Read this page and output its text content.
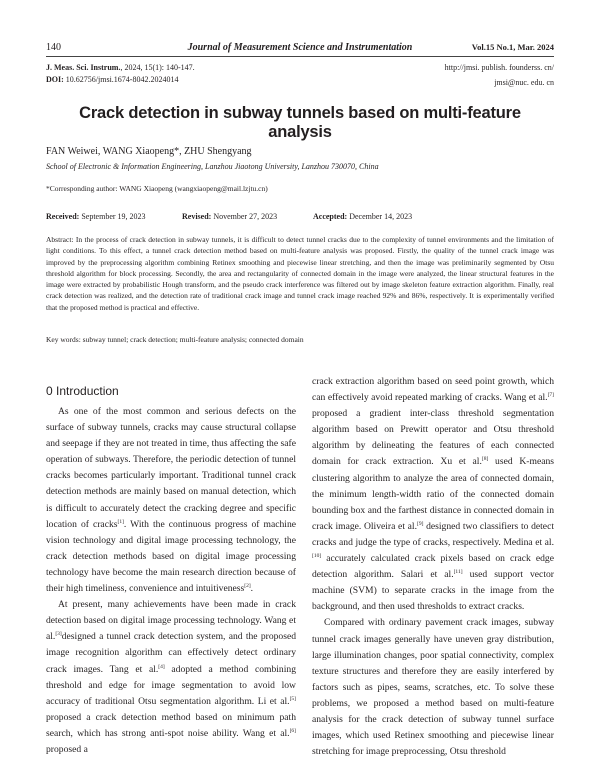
140	Journal of Measurement Science and Instrumentation	Vol.15 No.1, Mar. 2024
J. Meas. Sci. Instrum., 2024, 15(1): 140-147.
DOI: 10.62756/jmsi.1674-8042.2024014
http://jmsi. publish. founderss. cn/
jmsi@nuc. edu. cn
Crack detection in subway tunnels based on multi-feature analysis
FAN Weiwei, WANG Xiaopeng*, ZHU Shengyang
School of Electronic & Information Engineering, Lanzhou Jiaotong University, Lanzhou 730070, China
*Corresponding author: WANG Xiaopeng (wangxiaopeng@mail.lzjtu.cn)
Received: September 19, 2023	Revised: November 27, 2023	Accepted: December 14, 2023
Abstract: In the process of crack detection in subway tunnels, it is difficult to detect tunnel cracks due to the complexity of tunnel environments and the limitation of light conditions. To this effect, a tunnel crack detection method based on multi-feature analysis was proposed. Firstly, the quality of the tunnel crack image was improved by the preprocessing algorithm combining Retinex smoothing and piecewise linear stretching, and then the image was preliminarily segmented by Otsu threshold algorithm for block processing. Secondly, the area and rectangularity of connected domain in the image were analyzed, the linear structural features in the image were extracted by probabilistic Hough transform, and the pseudo crack interference was filtered out by image skeleton feature extraction algorithm. Finally, real crack detection was realized, and the detection rate of traditional crack image and tunnel crack image reached 92% and 86%, respectively. It is experimentally verified that the proposed method is practical and effective.
Key words: subway tunnel; crack detection; multi-feature analysis; connected domain
0 Introduction

As one of the most common and serious defects on the surface of subway tunnels, cracks may cause structural collapse and seepage if they are not treated in time, thus affecting the safe operation of subways. Therefore, the periodic detection of tunnel cracks becomes particularly important. Traditional tunnel crack detection methods are mainly based on manual detection, which is difficult to accurately detect the cracking degree and specific location of cracks[1]. With the continuous progress of machine vision technology and digital image processing technology, the crack detection methods based on digital image processing technology have become the main research direction because of their high timeliness, convenience and intuitiveness[2].

At present, many achievements have been made in crack detection based on digital image processing technology. Wang et al.[3]designed a tunnel crack detection system, and the proposed image recognition algorithm can effectively detect ordinary crack images. Tang et al.[4] adopted a method combining threshold and edge for image segmentation to avoid low accuracy of traditional Otsu segmentation algorithm. Li et al.[5] proposed a crack detection method based on minimum path search, which has strong anti-spot noise ability. Wang et al.[6] proposed a

crack extraction algorithm based on seed point growth, which can effectively avoid repeated marking of cracks. Wang et al.[7] proposed a gradient inter-class threshold segmentation algorithm based on Prewitt operator and Otsu threshold algorithm by delineating the features of each connected domain for crack extraction. Xu et al.[8] used K-means clustering algorithm to analyze the area of connected domain, the minimum length-width ratio of the connected domain bounding box and the farthest distance in connected domain in crack image. Oliveira et al.[9] designed two classifiers to detect cracks and judge the type of cracks, respectively. Medina et al.[10] accurately calculated crack pixels based on crack edge detection algorithm. Salari et al.[11] used support vector machine (SVM) to separate cracks in the image from the background, and then used thresholds to extract cracks.

Compared with ordinary pavement crack images, subway tunnel crack images generally have uneven gray distribution, large illumination changes, poor spatial connectivity, complex texture structures and therefore they are easily interfered by factors such as pipes, seams, scratches, etc. To solve these problems, we proposed a method based on multi-feature analysis for the crack detection of subway tunnel surface images, which used Retinex smoothing and piecewise linear stretching for image preprocessing, Otsu threshold
